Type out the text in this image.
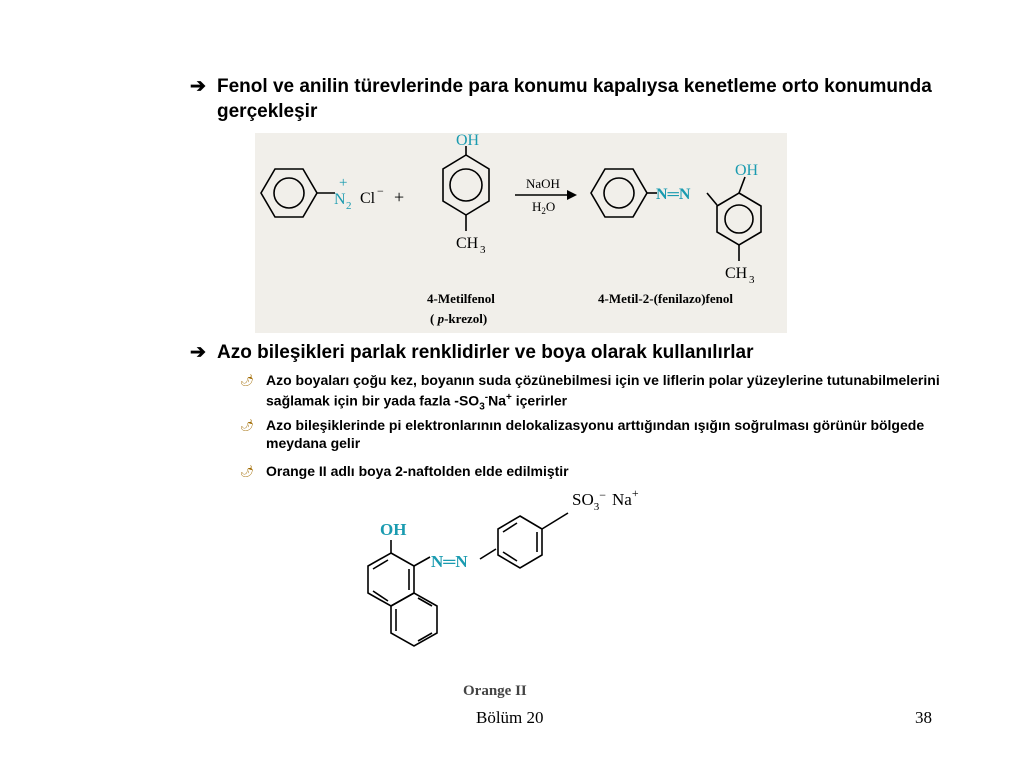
➔ Fenol ve anilin türevlerinde para konumu kapalıysa kenetleme orto konumunda gerçekleşir
+
N 2 Cl − +
OH
CH 3
NaOH
$H_2O$
N═N
OH
CH 3
4-Metilfenol
( p-krezol)
4-Metil-2-(fenilazo)fenol
➔ Azo bileşikleri parlak renklidirler ve boya olarak kullanılırlar
🌶︎ Azo boyaları çoğu kez, boyanın suda çözünebilmesi için ve liflerin polar yüzeylerine tutunabilmelerini sağlamak için bir yada fazla $-SO_3^-Na^+$ içerirler
🌶︎ Azo bileşiklerinde pi elektronlarının delokalizasyonu arttığından ışığın soğrulması görünür bölgede meydana gelir
🌶︎ Orange II adlı boya 2-naftolden elde edilmiştir
OH
N═N
$SO_3^-$ Na+
Orange II
Bölüm 20	38
